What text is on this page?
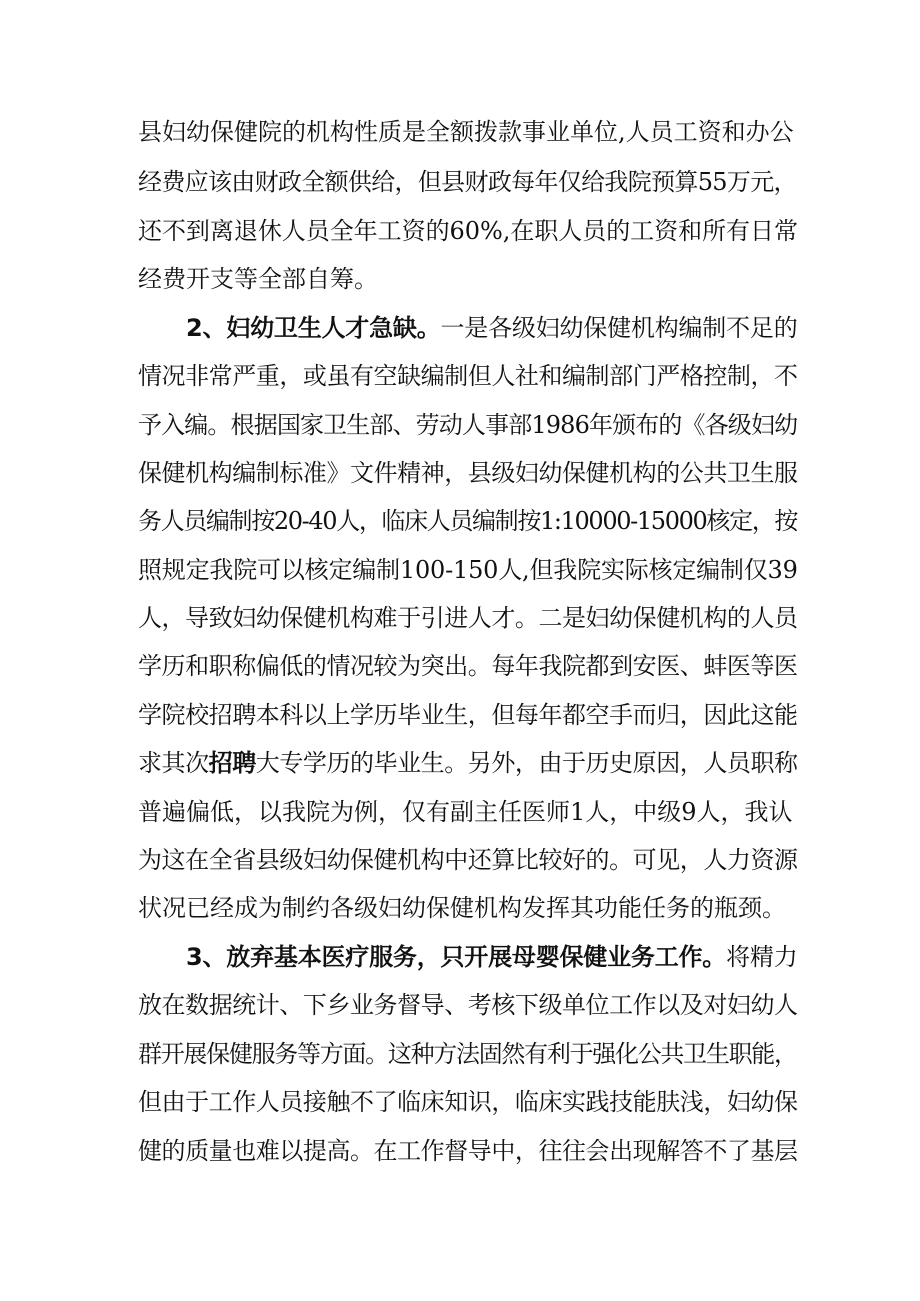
县妇幼保健院的机构性质是全额拨款事业单位,人员工资和办公
经费应该由财政全额供给，但县财政每年仅给我院预算55万元，
还不到离退休人员全年工资的60%,在职人员的工资和所有日常
经费开支等全部自筹。
2、妇幼卫生人才急缺。一是各级妇幼保健机构编制不足的
情况非常严重，或虽有空缺编制但人社和编制部门严格控制，不
予入编。根据国家卫生部、劳动人事部1986年颁布的《各级妇幼
保健机构编制标准》文件精神，县级妇幼保健机构的公共卫生服
务人员编制按20-40人，临床人员编制按1:10000-15000核定，按
照规定我院可以核定编制100-150人,但我院实际核定编制仅39
人，导致妇幼保健机构难于引进人才。二是妇幼保健机构的人员
学历和职称偏低的情况较为突出。每年我院都到安医、蚌医等医
学院校招聘本科以上学历毕业生，但每年都空手而归，因此这能
求其次招聘大专学历的毕业生。另外，由于历史原因，人员职称
普遍偏低，以我院为例，仅有副主任医师1人，中级9人，我认
为这在全省县级妇幼保健机构中还算比较好的。可见，人力资源
状况已经成为制约各级妇幼保健机构发挥其功能任务的瓶颈。
3、放弃基本医疗服务，只开展母婴保健业务工作。将精力
放在数据统计、下乡业务督导、考核下级单位工作以及对妇幼人
群开展保健服务等方面。这种方法固然有利于强化公共卫生职能，
但由于工作人员接触不了临床知识，临床实践技能肤浅，妇幼保
健的质量也难以提高。在工作督导中，往往会出现解答不了基层
